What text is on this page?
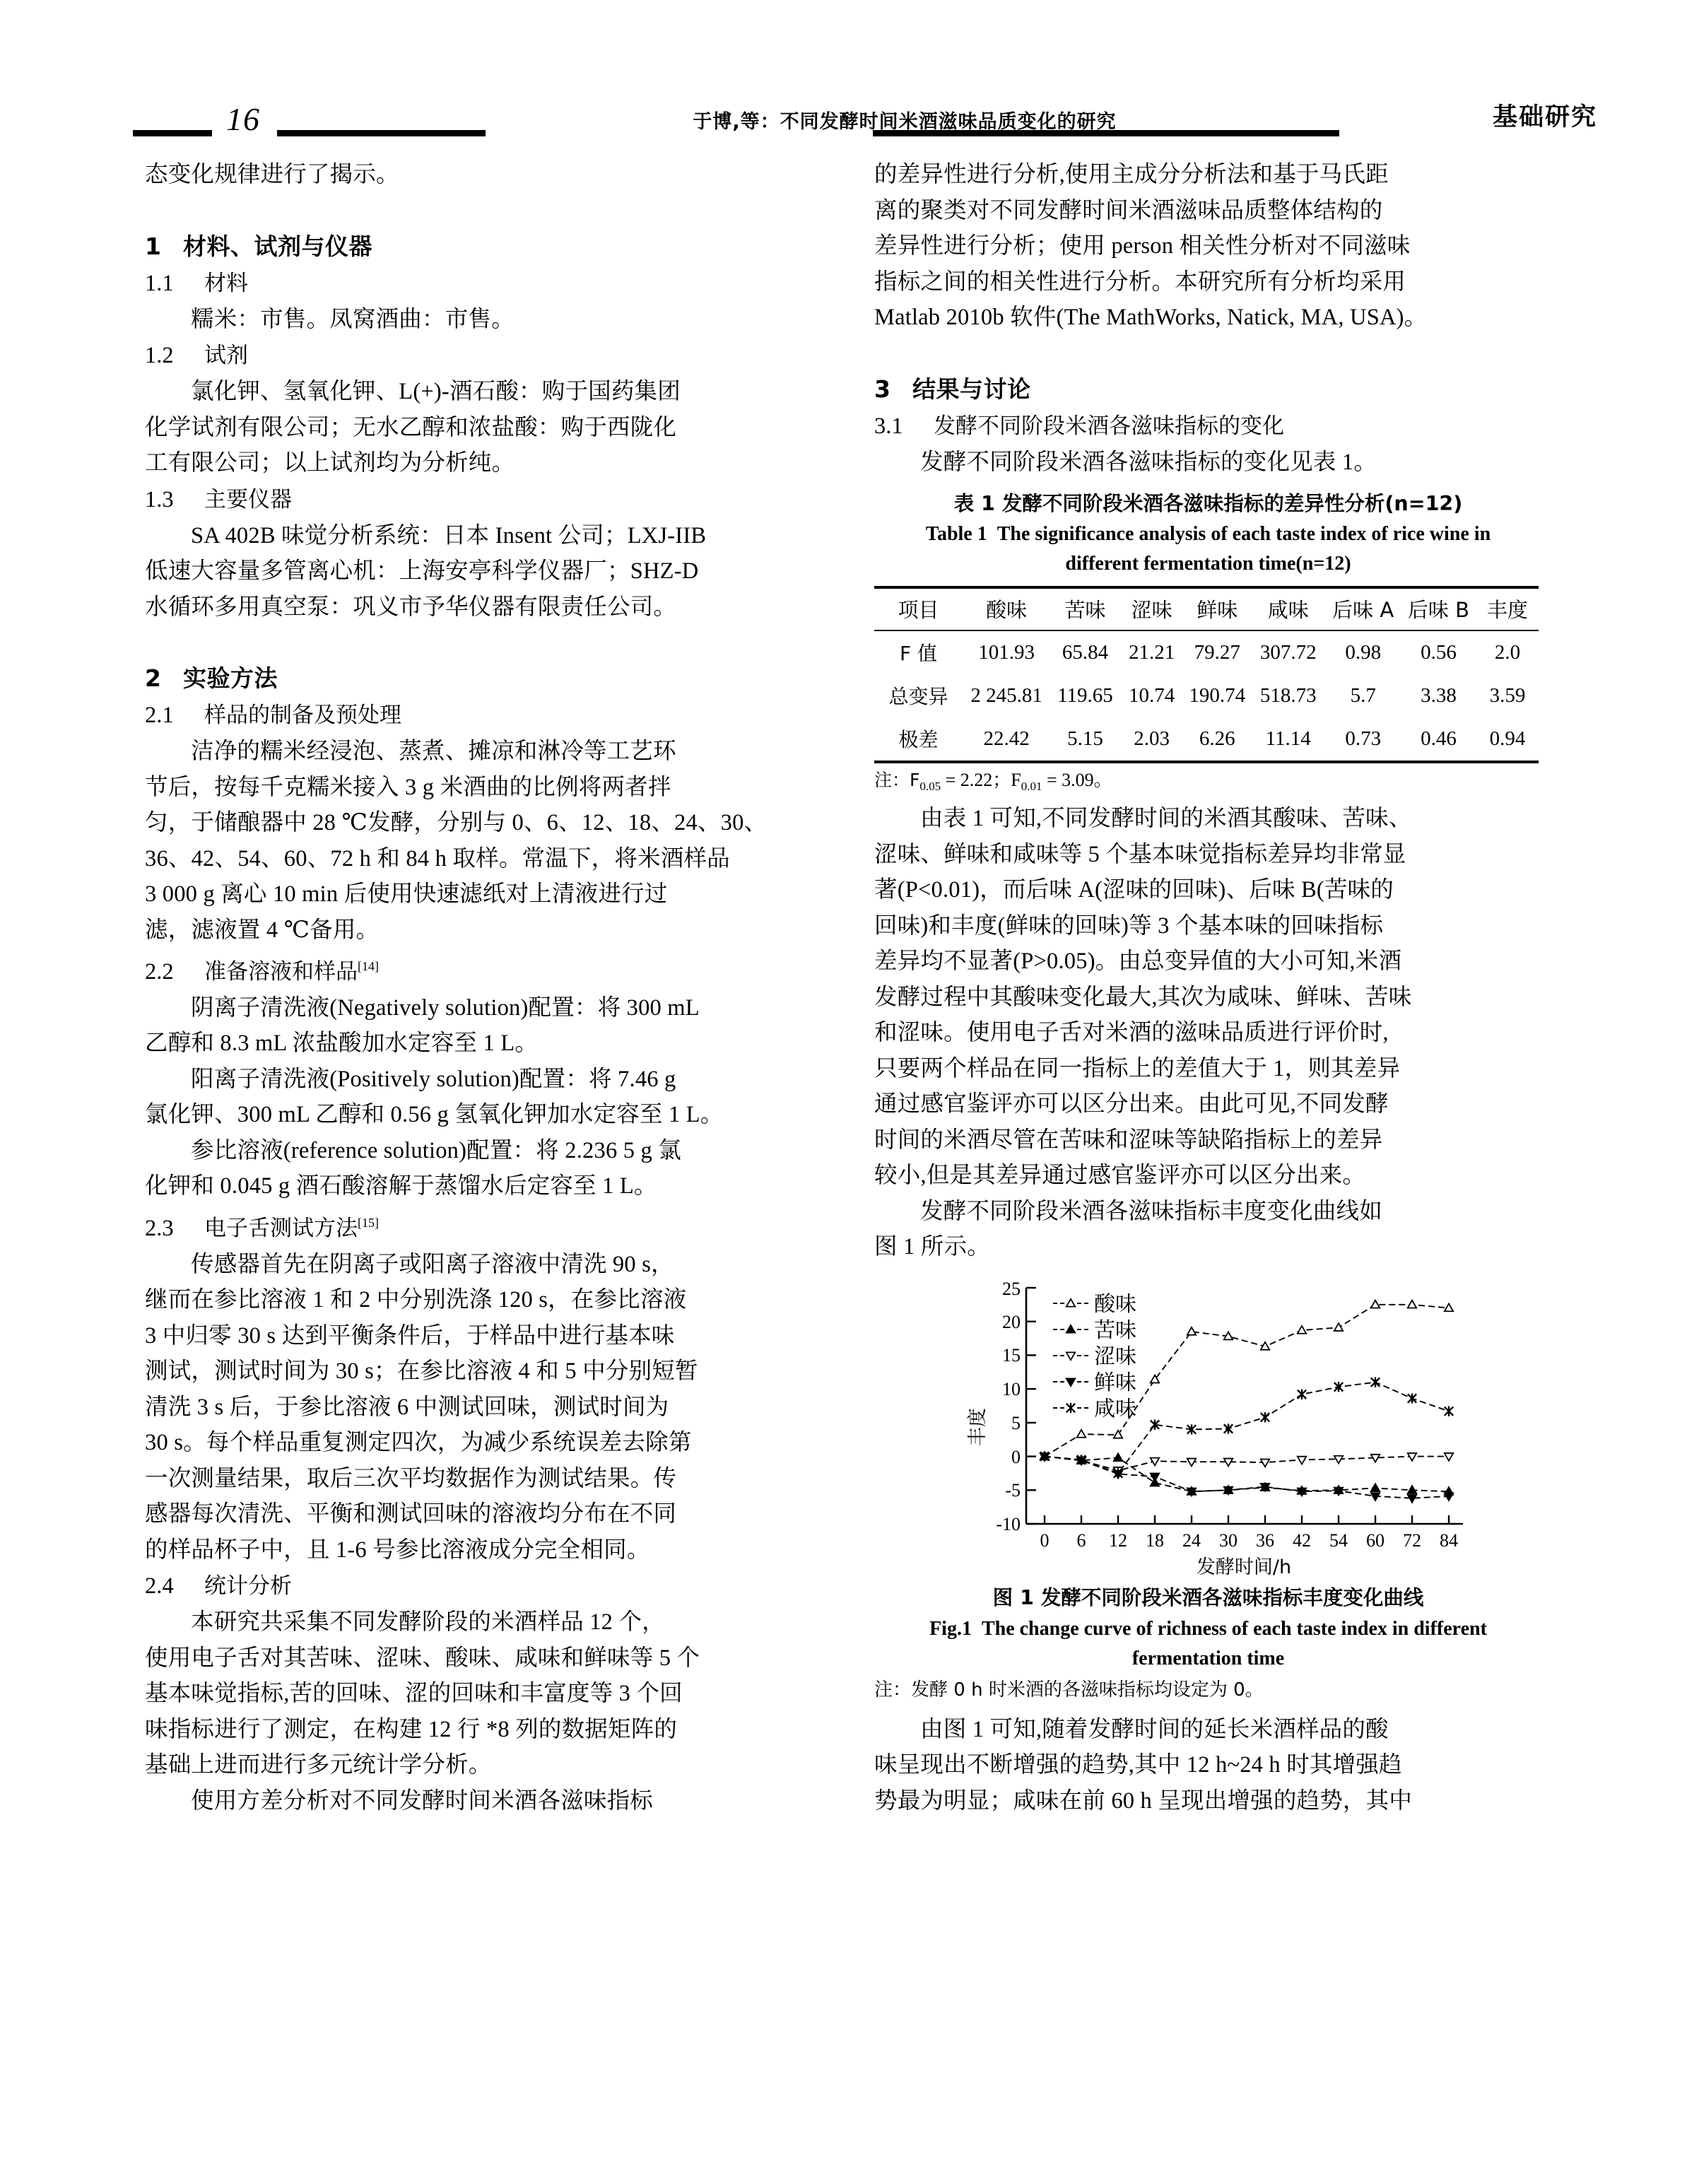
16	于博,等：不同发酵时间米酒滋味品质变化的研究	基础研究
态变化规律进行了揭示。
1 材料、试剂与仪器
1.1 材料
糯米：市售。凤窝酒曲：市售。
1.2 试剂
氯化钾、氢氧化钾、L(+)-酒石酸：购于国药集团
化学试剂有限公司；无水乙醇和浓盐酸：购于西陇化
工有限公司；以上试剂均为分析纯。
1.3 主要仪器
SA 402B 味觉分析系统：日本 Insent 公司；LXJ-IIB
低速大容量多管离心机：上海安亭科学仪器厂；SHZ-D
水循环多用真空泵：巩义市予华仪器有限责任公司。
2 实验方法
2.1 样品的制备及预处理
洁净的糯米经浸泡、蒸煮、摊凉和淋冷等工艺环
节后，按每千克糯米接入 3 g 米酒曲的比例将两者拌
匀，于储酿器中 28 ℃发酵，分别与 0、6、12、18、24、30、
36、42、54、60、72 h 和 84 h 取样。常温下，将米酒样品
3 000 g 离心 10 min 后使用快速滤纸对上清液进行过
滤，滤液置 4 ℃备用。
2.2 准备溶液和样品[14]
阴离子清洗液(Negatively solution)配置：将 300 mL
乙醇和 8.3 mL 浓盐酸加水定容至 1 L。
阳离子清洗液(Positively solution)配置：将 7.46 g
氯化钾、300 mL 乙醇和 0.56 g 氢氧化钾加水定容至 1 L。
参比溶液(reference solution)配置：将 2.236 5 g 氯
化钾和 0.045 g 酒石酸溶解于蒸馏水后定容至 1 L。
2.3 电子舌测试方法[15]
传感器首先在阴离子或阳离子溶液中清洗 90 s，
继而在参比溶液 1 和 2 中分别洗涤 120 s，在参比溶液
3 中归零 30 s 达到平衡条件后，于样品中进行基本味
测试，测试时间为 30 s；在参比溶液 4 和 5 中分别短暂
清洗 3 s 后，于参比溶液 6 中测试回味，测试时间为
30 s。每个样品重复测定四次，为减少系统误差去除第
一次测量结果，取后三次平均数据作为测试结果。传
感器每次清洗、平衡和测试回味的溶液均分布在不同
的样品杯子中，且 1-6 号参比溶液成分完全相同。
2.4 统计分析
本研究共采集不同发酵阶段的米酒样品 12 个，
使用电子舌对其苦味、涩味、酸味、咸味和鲜味等 5 个
基本味觉指标,苦的回味、涩的回味和丰富度等 3 个回
味指标进行了测定，在构建 12 行 *8 列的数据矩阵的
基础上进而进行多元统计学分析。
使用方差分析对不同发酵时间米酒各滋味指标
的差异性进行分析,使用主成分分析法和基于马氏距
离的聚类对不同发酵时间米酒滋味品质整体结构的
差异性进行分析；使用 person 相关性分析对不同滋味
指标之间的相关性进行分析。本研究所有分析均采用
Matlab 2010b 软件(The MathWorks, Natick, MA, USA)。
3 结果与讨论
3.1 发酵不同阶段米酒各滋味指标的变化
发酵不同阶段米酒各滋味指标的变化见表 1。
表 1 发酵不同阶段米酒各滋味指标的差异性分析(n=12)
Table 1 The significance analysis of each taste index of rice wine in
different fermentation time(n=12)
项目	酸味	苦味	涩味	鲜味	咸味	后味 A	后味 B	丰度
F 值	101.93	65.84	21.21	79.27	307.72	0.98	0.56	2.0
总变异	2 245.81	119.65	10.74	190.74	518.73	5.7	3.38	3.59
极差	22.42	5.15	2.03	6.26	11.14	0.73	0.46	0.94
注：$F_{0.05} = 2.22$；$F_{0.01} = 3.09$。
由表 1 可知,不同发酵时间的米酒其酸味、苦味、
涩味、鲜味和咸味等 5 个基本味觉指标差异均非常显
著(P<0.01)，而后味 A(涩味的回味)、后味 B(苦味的
回味)和丰度(鲜味的回味)等 3 个基本味的回味指标
差异均不显著(P>0.05)。由总变异值的大小可知,米酒
发酵过程中其酸味变化最大,其次为咸味、鲜味、苦味
和涩味。使用电子舌对米酒的滋味品质进行评价时,
只要两个样品在同一指标上的差值大于 1，则其差异
通过感官鉴评亦可以区分出来。由此可见,不同发酵
时间的米酒尽管在苦味和涩味等缺陷指标上的差异
较小,但是其差异通过感官鉴评亦可以区分出来。
发酵不同阶段米酒各滋味指标丰度变化曲线如
图 1 所示。
丰度
-10
-5
0
5
10
15
20
25
0 6 12 18 24 30 36 42 54 60 72 84
发酵时间/h
酸味
苦味
涩味
鲜味
咸味
图 1 发酵不同阶段米酒各滋味指标丰度变化曲线
Fig.1 The change curve of richness of each taste index in different
fermentation time
注：发酵 0 h 时米酒的各滋味指标均设定为 0。
由图 1 可知,随着发酵时间的延长米酒样品的酸
味呈现出不断增强的趋势,其中 12 h~24 h 时其增强趋
势最为明显；咸味在前 60 h 呈现出增强的趋势，其中
